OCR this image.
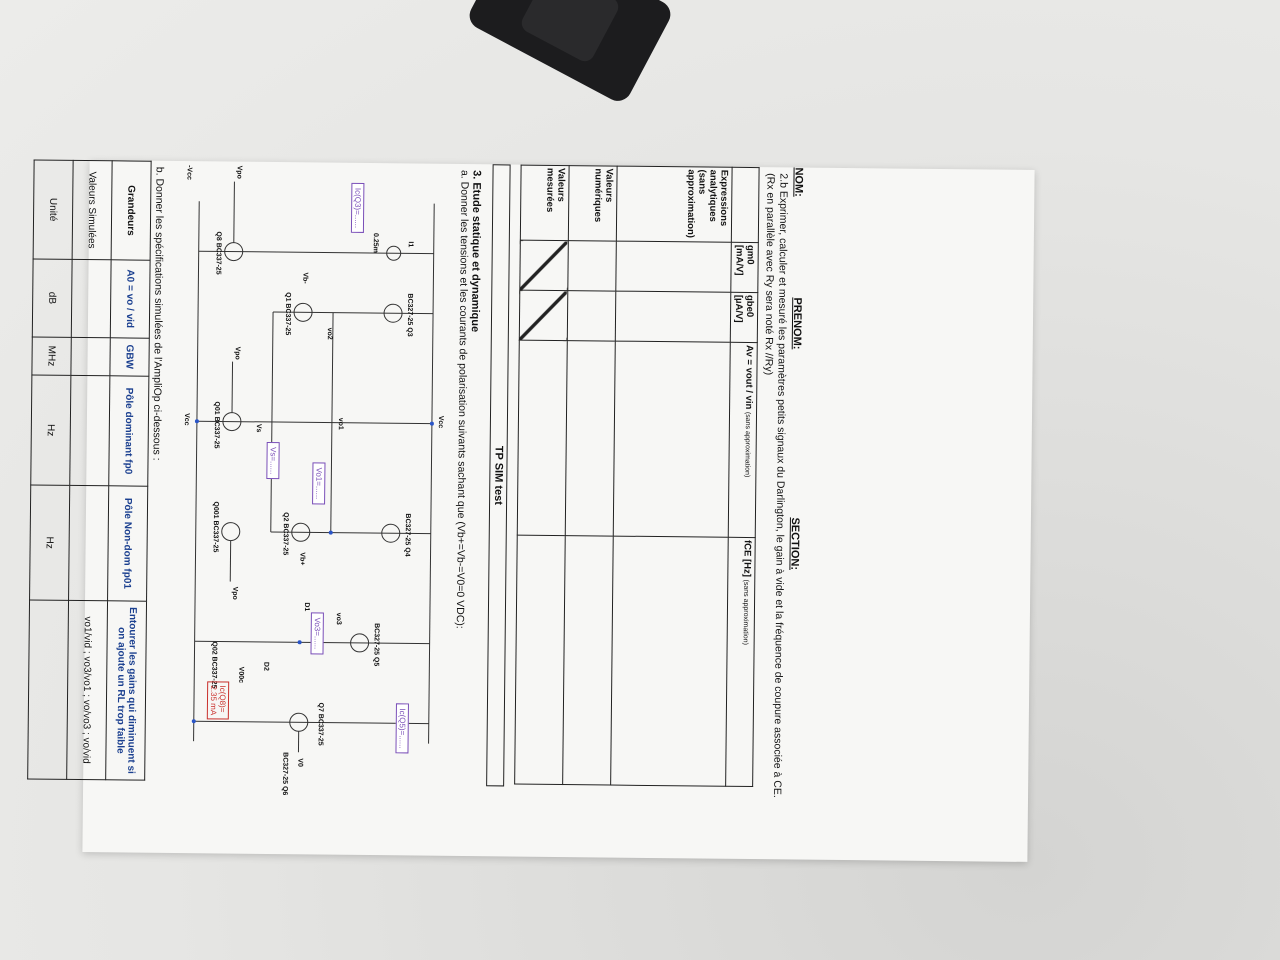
NOM:
PRENOM:
SECTION:
2.b Exprimer, calculer et mesuré les paramètres petits signaux du Darlington, le gain à vide et la fréquence de coupure associée à CE. (Rx en parallèle avec Ry sera noté Rx //Ry)
	gm0 [mA/V]	gbe0 [µA/V]	Av = vout / vin (sans approximation)	fCE [Hz] (sans approximation)
Expressions analytiques (sans approximation)				
Valeurs numériques				
Valeurs mesurées				
TP SIM test
3. Etude statique et dynamique
a. Donner les tensions et les courants de polarisation suivants sachant que (Vb+=Vb-=V0=0 VDC):
Vcc
Vcc
-Vcc
BC327-25 Q3
BC327-25 Q4
BC327-25 Q5
Q1 BC337-25
Q2 BC337-25
Q7 BC337-25
BC327-25 Q6
Q8 BC337-25
Q01 BC337-25
Q001 BC337-25
Q02 BC337-25
I1
0.25m
vo1
vo2
vo3
Vb-
Vb+
Vs
Vpo
Vpo
Vpo
V0
D1
D2
V00c
Ic(Q3)=......
Ic(Q5)=......
Vo1=......
Vo3=......
Vs=......
Ic(Q8)=
2.35 mA
b. Donner les spécifications simulées de l'AmpliOp ci-dessous :
Grandeurs	A0 = vo / vid	GBW	Pôle dominant fp0	Pôle Non-dom fp01	Entourer les gains qui diminuent si on ajoute un RL trop faible
Valeurs Simulées					vo1/vid ; vo3/vo1 ; vo/vo3 ; vo/vid
Unité	dB	MHz	Hz	Hz	
